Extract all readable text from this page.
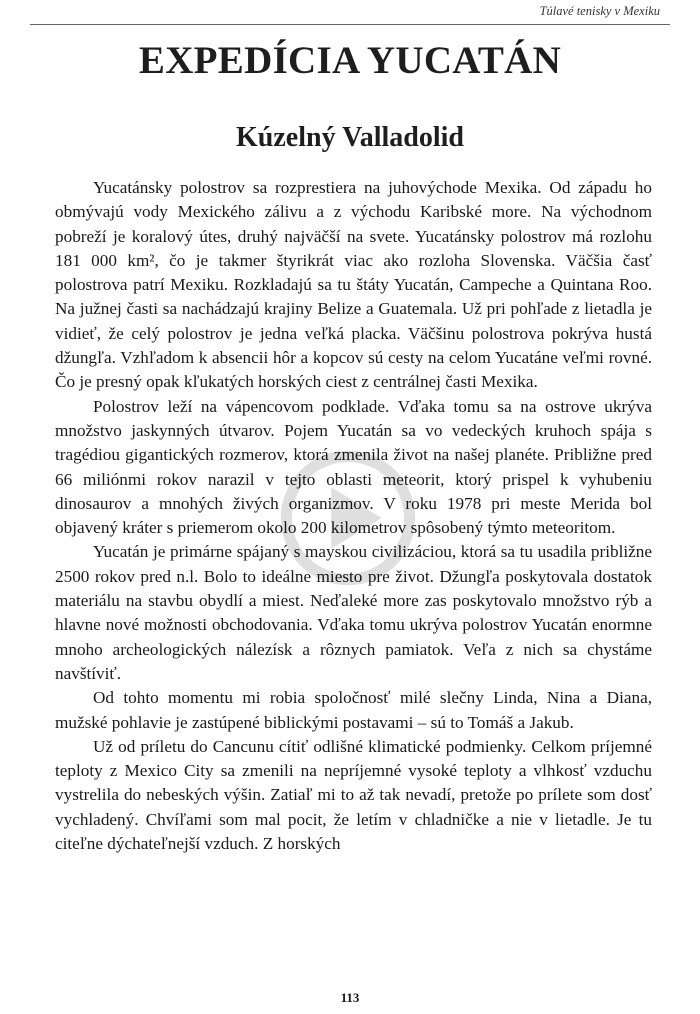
Túlavé tenisky v Mexiku
EXPEDÍCIA YUCATÁN
Kúzelný Valladolid

Yucatánsky polostrov sa rozprestiera na juhovýchode Mexika. Od západu ho obmývajú vody Mexického zálivu a z východu Karibské more. Na východnom pobreží je koralový útes, druhý najväčší na svete. Yucatánsky polostrov má rozlohu 181 000 km², čo je takmer štyrikrát viac ako rozloha Slovenska. Väčšia časť polostrova patrí Mexiku. Rozkladajú sa tu štáty Yucatán, Campeche a Quintana Roo. Na južnej časti sa nachádzajú krajiny Belize a Guatemala. Už pri pohľade z lietadla je vidieť, že celý polostrov je jedna veľká placka. Väčšinu polostrova pokrýva hustá džungľa. Vzhľadom k absencii hôr a kopcov sú cesty na celom Yucatáne veľmi rovné. Čo je presný opak kľukatých horských ciest z centrálnej časti Mexika.

Polostrov leží na vápencovom podklade. Vďaka tomu sa na ostrove ukrýva množstvo jaskynných útvarov. Pojem Yucatán sa vo vedeckých kruhoch spája s tragédiou gigantických rozmerov, ktorá zmenila život na našej planéte. Približne pred 66 miliónmi rokov narazil v tejto oblasti meteorit, ktorý prispel k vyhubeniu dinosaurov a mnohých živých organizmov. V roku 1978 pri meste Merida bol objavený kráter s priemerom okolo 200 kilometrov spôsobený týmto meteoritom.

Yucatán je primárne spájaný s mayskou civilizáciou, ktorá sa tu usadila približne 2500 rokov pred n.l. Bolo to ideálne miesto pre život. Džungľa poskytovala dostatok materiálu na stavbu obydlí a miest. Neďaleké more zas poskytovalo množstvo rýb a hlavne nové možnosti obchodovania. Vďaka tomu ukrýva polostrov Yucatán enormne mnoho archeologických nálezísk a rôznych pamiatok. Veľa z nich sa chystáme navštíviť.

Od tohto momentu mi robia spoločnosť milé slečny Linda, Nina a Diana, mužské pohlavie je zastúpené biblickými postavami – sú to Tomáš a Jakub.

Už od príletu do Cancunu cítiť odlišné klimatické podmienky. Celkom príjemné teploty z Mexico City sa zmenili na nepríjemné vysoké teploty a vlhkosť vzduchu vystrelila do nebeských výšin. Zatiaľ mi to až tak nevadí, pretože po prílete som dosť vychladený. Chvíľami som mal pocit, že letím v chladničke a nie v lietadle. Je tu citeľne dýchateľnejší vzduch. Z horských

113
